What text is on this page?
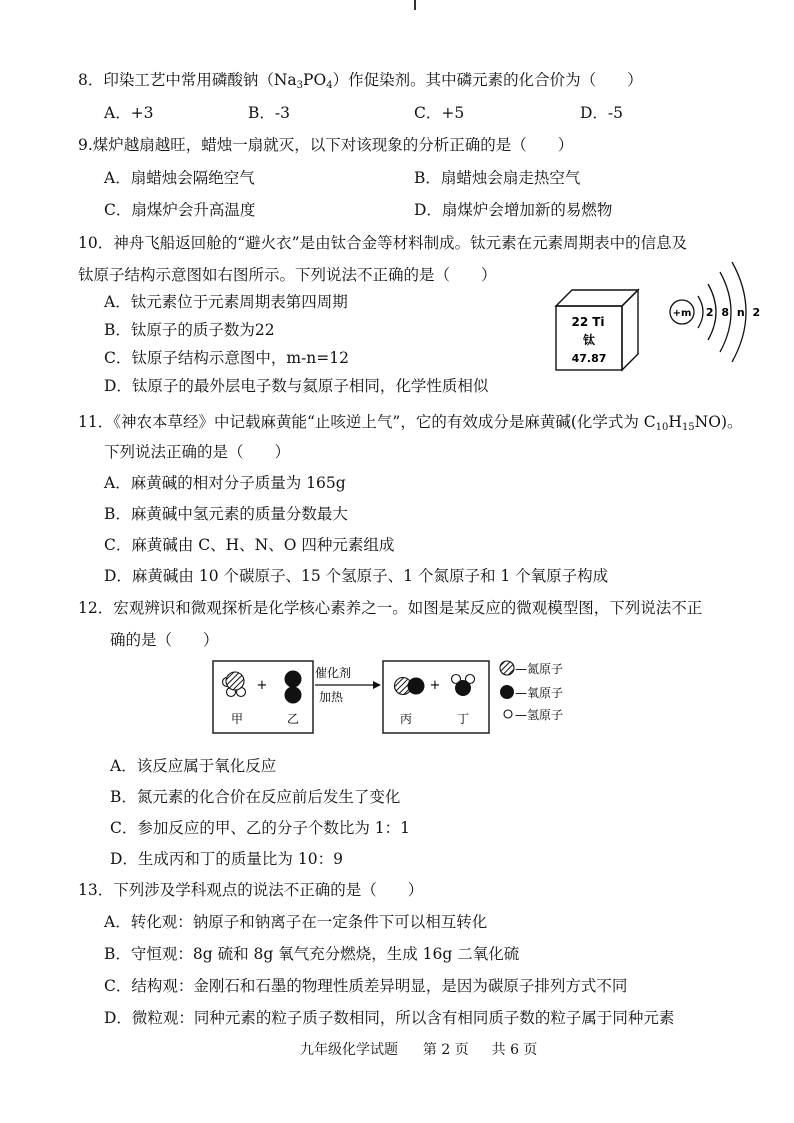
8．印染工艺中常用磷酸钠$(Na_3PO_4)$作促染剂。其中磷元素的化合价为（　　）
A．+3	B．-3	C．+5	D．-5
9.煤炉越扇越旺，蜡烛一扇就灭，以下对该现象的分析正确的是（　　）
A．扇蜡烛会隔绝空气	B．扇蜡烛会扇走热空气
C．扇煤炉会升高温度	D．扇煤炉会增加新的易燃物
10．神舟飞船返回舱的“避火衣”是由钛合金等材料制成。钛元素在元素周期表中的信息及
钛原子结构示意图如右图所示。下列说法不正确的是（　　）
A．钛元素位于元素周期表第四周期
B．钛原子的质子数为22
C．钛原子结构示意图中，m-n=12
D．钛原子的最外层电子数与氦原子相同，化学性质相似
22 Ti
钛
47.87
+m 2 8 n 2
11．《神农本草经》中记载麻黄能“止咳逆上气”，它的有效成分是麻黄碱(化学式为 $C_{10}H_{15}NO$)。
下列说法正确的是（　　）
A．麻黄碱的相对分子质量为 165g
B．麻黄碱中氢元素的质量分数最大
C．麻黄碱由 C、H、N、O 四种元素组成
D．麻黄碱由 10 个碳原子、15 个氢原子、1 个氮原子和 1 个氧原子构成
12．宏观辨识和微观探析是化学核心素养之一。如图是某反应的微观模型图，下列说法不正
确的是（　　）
+
甲	乙
催化剂
加热
+
丙	丁
—氮原子
—氧原子
—氢原子
A．该反应属于氧化反应
B．氮元素的化合价在反应前后发生了变化
C．参加反应的甲、乙的分子个数比为 1：1
D．生成丙和丁的质量比为 10：9
13．下列涉及学科观点的说法不正确的是（　　）
A．转化观：钠原子和钠离子在一定条件下可以相互转化
B．守恒观：8g 硫和 8g 氧气充分燃烧，生成 16g 二氧化硫
C．结构观：金刚石和石墨的物理性质差异明显，是因为碳原子排列方式不同
D．微粒观：同种元素的粒子质子数相同，所以含有相同质子数的粒子属于同种元素
九年级化学试题 第 2 页 共 6 页
